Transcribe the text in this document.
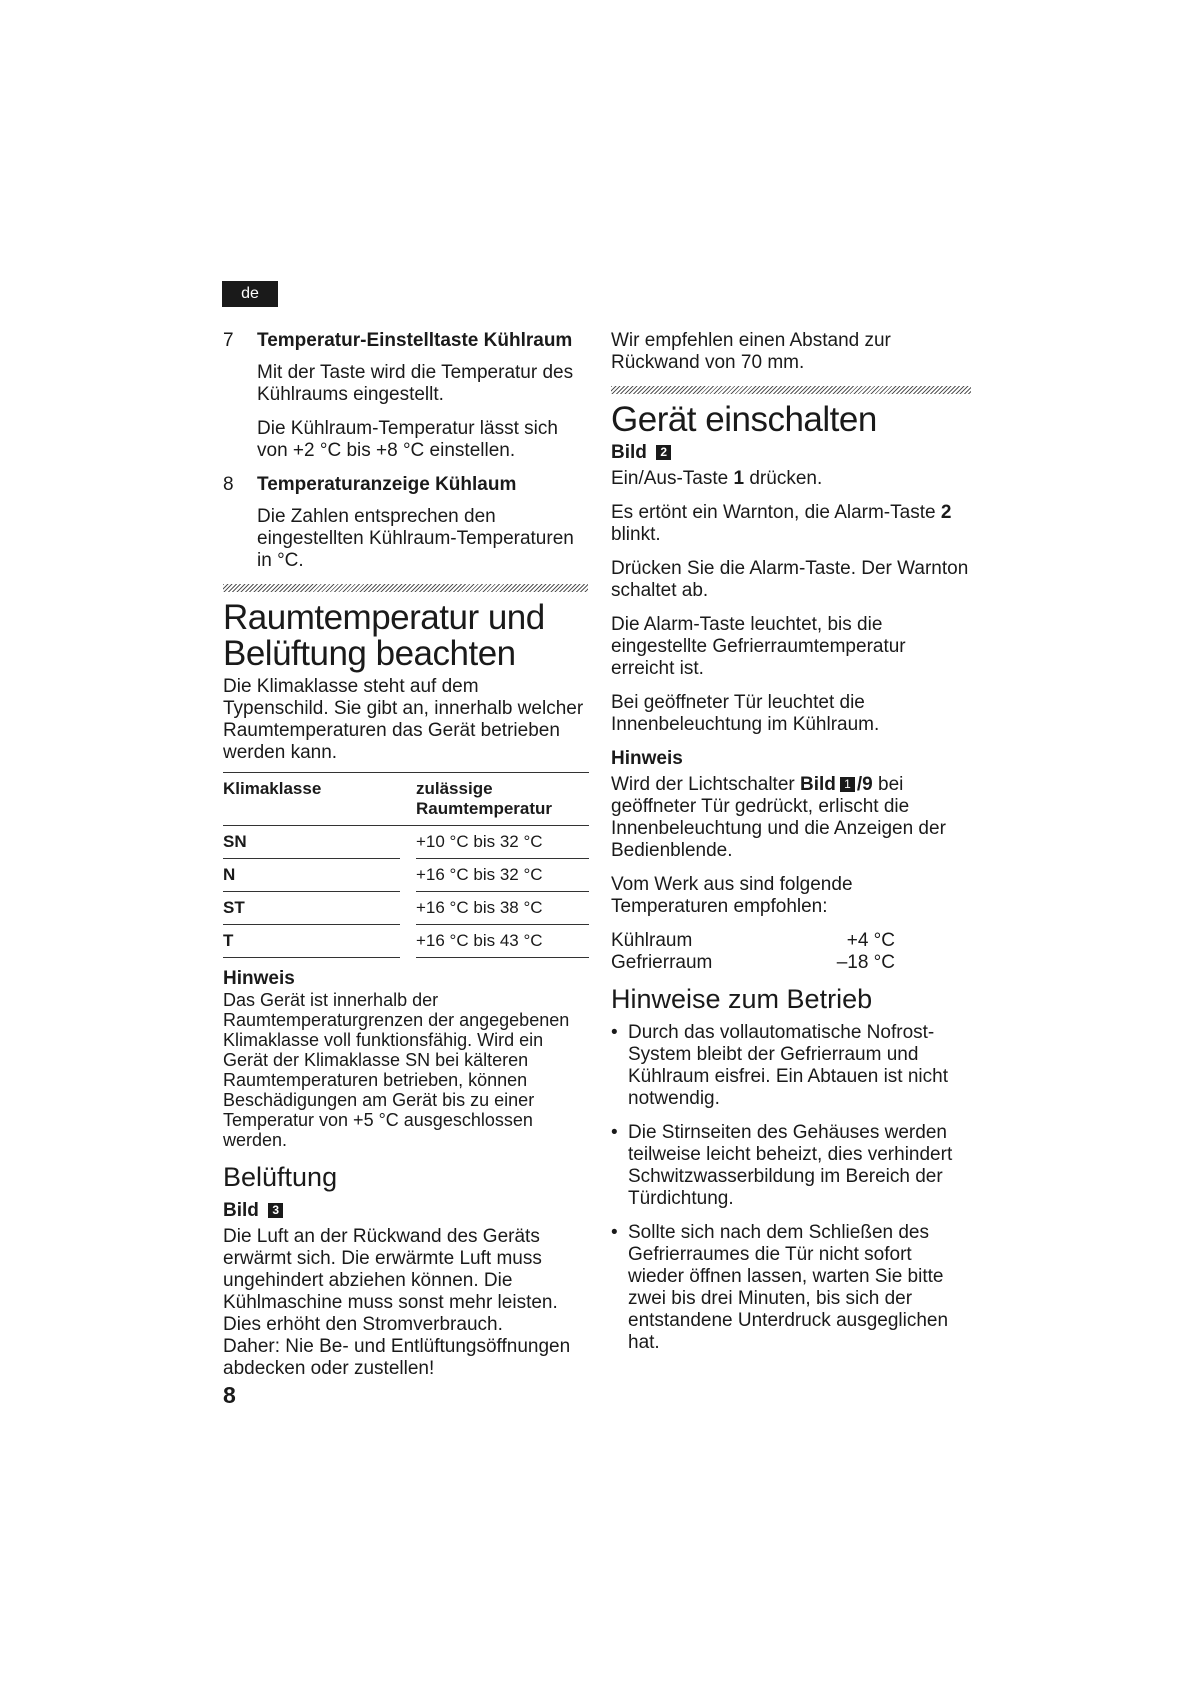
de
7 Temperatur-Einstelltaste Kühlraum

Mit der Taste wird die Temperatur des Kühlraums eingestellt.

Die Kühlraum-Temperatur lässt sich von +2 °C bis +8 °C einstellen.

8 Temperaturanzeige Kühlaum

Die Zahlen entsprechen den eingestellten Kühlraum-Temperaturen in °C.

Raumtemperatur und Belüftung beachten

Die Klimaklasse steht auf dem Typenschild. Sie gibt an, innerhalb welcher Raumtemperaturen das Gerät betrieben werden kann.

Klimaklasse		zulässige Raumtemperatur
SN		+10 °C bis 32 °C
N		+16 °C bis 32 °C
ST		+16 °C bis 38 °C
T		+16 °C bis 43 °C
Hinweis

Das Gerät ist innerhalb der Raumtemperaturgrenzen der angegebenen Klimaklasse voll funktionsfähig. Wird ein Gerät der Klimaklasse SN bei kälteren Raumtemperaturen betrieben, können Beschädigungen am Gerät bis zu einer Temperatur von +5 °C ausgeschlossen werden.

Belüftung
Bild 3

Die Luft an der Rückwand des Geräts erwärmt sich. Die erwärmte Luft muss ungehindert abziehen können. Die Kühlmaschine muss sonst mehr leisten. Dies erhöht den Stromverbrauch.

Daher: Nie Be- und Entlüftungsöffnungen abdecken oder zustellen!

Wir empfehlen einen Abstand zur Rückwand von 70 mm.

Gerät einschalten
Bild 2

Ein/Aus-Taste 1 drücken.

Es ertönt ein Warnton, die Alarm-Taste 2 blinkt.

Drücken Sie die Alarm-Taste. Der Warnton schaltet ab.

Die Alarm-Taste leuchtet, bis die eingestellte Gefrierraumtemperatur erreicht ist.

Bei geöffneter Tür leuchtet die Innenbeleuchtung im Kühlraum.

Hinweis

Wird der Lichtschalter Bild 1 /9 bei geöffneter Tür gedrückt, erlischt die Innenbeleuchtung und die Anzeigen der Bedienblende.

Vom Werk aus sind folgende Temperaturen empfohlen:

Kühlraum	+4 °C
Gefrierraum	–18 °C
Hinweise zum Betrieb
• Durch das vollautomatische Nofrost-System bleibt der Gefrierraum und Kühlraum eisfrei. Ein Abtauen ist nicht notwendig.
• Die Stirnseiten des Gehäuses werden teilweise leicht beheizt, dies verhindert Schwitzwasserbildung im Bereich der Türdichtung.
• Sollte sich nach dem Schließen des Gefrierraumes die Tür nicht sofort wieder öffnen lassen, warten Sie bitte zwei bis drei Minuten, bis sich der entstandene Unterdruck ausgeglichen hat.
8
